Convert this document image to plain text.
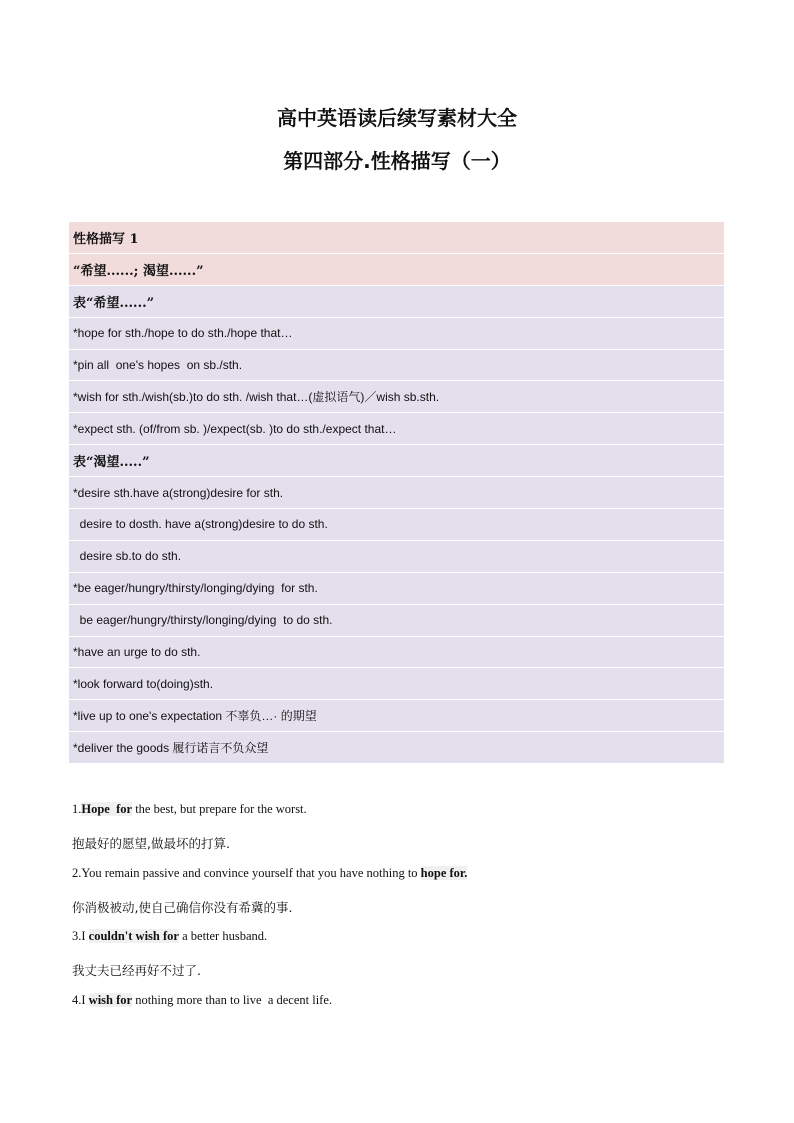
高中英语读后续写素材大全
第四部分.性格描写（一）
性格描写 1
“希望......; 渴望......”
表“希望......”
*hope for sth./hope to do sth./hope that…
*pin all  one's hopes  on sb./sth.
*wish for sth./wish(sb.)to do sth. /wish that…(虚拟语气)／wish sb.sth.
*expect sth. (of/from sb. )/expect(sb. )to do sth./expect that…
表“渴望.....”
*desire sth.have a(strong)desire for sth.
desire to dosth. have a(strong)desire to do sth.
desire sb.to do sth.
*be eager/hungry/thirsty/longing/dying  for sth.
be eager/hungry/thirsty/longing/dying  to do sth.
*have an urge to do sth.
*look forward to(doing)sth.
*live up to one's expectation 不辜负…· 的期望
*deliver the goods 履行诺言不负众望
1.Hope  for the best, but prepare for the worst.
抱最好的愿望,做最坏的打算.
2.You remain passive and convince yourself that you have nothing to hope for.
你消极被动,使自己确信你没有希冀的事.
3.I couldn't wish for a better husband.
我丈夫已经再好不过了.
4.I wish for nothing more than to live  a decent life.
